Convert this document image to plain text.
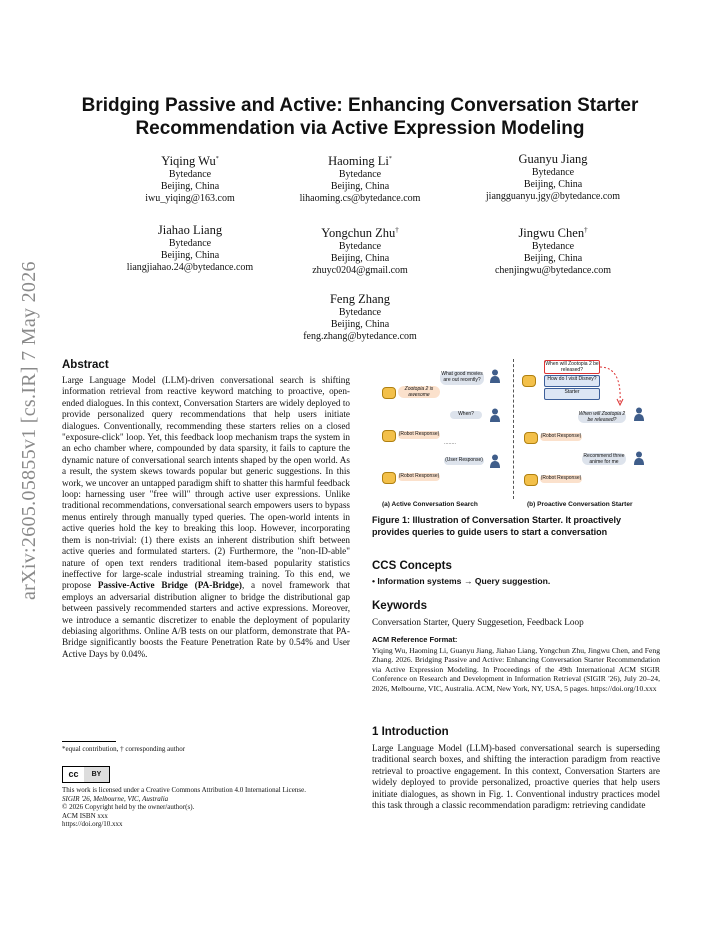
arXiv:2605.05855v1 [cs.IR] 7 May 2026
Bridging Passive and Active: Enhancing Conversation Starter Recommendation via Active Expression Modeling
Yiqing Wu*
Bytedance
Beijing, China
iwu_yiqing@163.com
Haoming Li*
Bytedance
Beijing, China
lihaoming.cs@bytedance.com
Guanyu Jiang
Bytedance
Beijing, China
jiangguanyu.jgy@bytedance.com
Jiahao Liang
Bytedance
Beijing, China
liangjiahao.24@bytedance.com
Yongchun Zhu†
Bytedance
Beijing, China
zhuyc0204@gmail.com
Jingwu Chen†
Bytedance
Beijing, China
chenjingwu@bytedance.com
Feng Zhang
Bytedance
Beijing, China
feng.zhang@bytedance.com
Abstract
Large Language Model (LLM)-driven conversational search is shifting information retrieval from reactive keyword matching to proactive, open-ended dialogues. In this context, Conversation Starters are widely deployed to provide personalized query recommendations that help users initiate dialogues. Conventionally, recommending these starters relies on a closed "exposure-click" loop. Yet, this feedback loop mechanism traps the system in an echo chamber where, compounded by data sparsity, it fails to capture the dynamic nature of conversational search intents shaped by the open world. As a result, the system skews towards popular but generic suggestions. In this work, we uncover an untapped paradigm shift to shatter this harmful feedback loop: harnessing user "free will" through active user expressions. Unlike traditional recommendations, conversational search empowers users to bypass menus entirely through manually typed queries. The open-world intents in active queries hold the key to breaking this loop. However, incorporating them is non-trivial: (1) there exists an inherent distribution shift between active queries and formulated starters. (2) Furthermore, the "non-ID-able" nature of open text renders traditional item-based popularity statistics ineffective for large-scale industrial streaming training. To this end, we propose Passive-Active Bridge (PA-Bridge), a novel framework that employs an adversarial distribution aligner to bridge the distributional gap between passively recommended starters and active expressions. Moreover, we introduce a semantic discretizer to enable the deployment of popularity debiasing algorithms. Online A/B tests on our platform, demonstrate that PA-Bridge significantly boosts the Feature Penetration Rate by 0.54% and User Active Days by 0.04%.
*equal contribution, † corresponding author
cc	BY
This work is licensed under a Creative Commons Attribution 4.0 International License.
SIGIR '26, Melbourne, VIC, Australia
© 2026 Copyright held by the owner/author(s).
ACM ISBN xxx
https://doi.org/10.xxx
What good movies are out recently?
Zootopia 2 is awesome
When?
(Robot Response)
........
(User Response)
(Robot Response)
When will Zootopia 2 be released?
How do I visit Disney?
Starter
When will Zootopia 2 be released?
(Robot Response)
Recommend three anime for me
(Robot Response)
(a) Active Conversation Search	(b) Proactive Conversation Starter
Figure 1: Illustration of Conversation Starter. It proactively provides queries to guide users to start a conversation
CCS Concepts
• Information systems → Query suggestion.
Keywords
Conversation Starter, Query Suggesetion, Feedback Loop
ACM Reference Format:
Yiqing Wu, Haoming Li, Guanyu Jiang, Jiahao Liang, Yongchun Zhu, Jingwu Chen, and Feng Zhang. 2026. Bridging Passive and Active: Enhancing Conversation Starter Recommendation via Active Expression Modeling. In Proceedings of the 49th International ACM SIGIR Conference on Research and Development in Information Retrieval (SIGIR '26), July 20–24, 2026, Melbourne, VIC, Australia. ACM, New York, NY, USA, 5 pages. https://doi.org/10.xxx
1 Introduction
Large Language Model (LLM)-based conversational search is superseding traditional search boxes, and shifting the interaction paradigm from reactive retrieval to proactive engagement. In this context, Conversation Starters are widely deployed to provide personalized, proactive queries that help users initiate dialogues, as shown in Fig. 1. Conventional industry practices model this task through a classic recommendation paradigm: retrieving candidate
